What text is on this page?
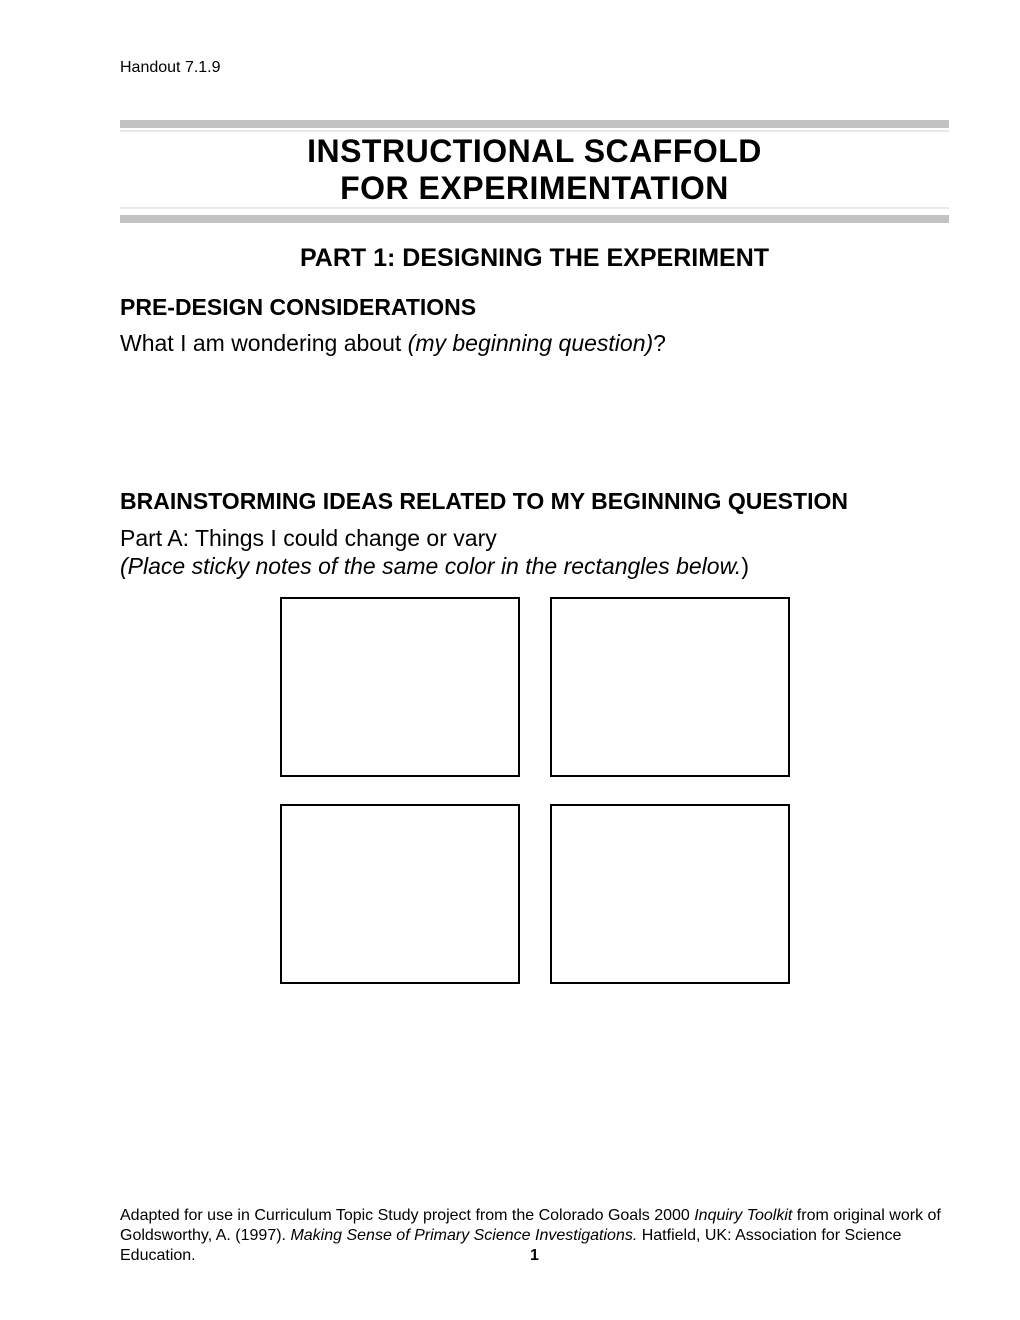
Handout 7.1.9
INSTRUCTIONAL SCAFFOLD
FOR EXPERIMENTATION
PART 1: DESIGNING THE EXPERIMENT
PRE-DESIGN CONSIDERATIONS

What I am wondering about (my beginning question)?

BRAINSTORMING IDEAS RELATED TO MY BEGINNING QUESTION

Part A: Things I could change or vary

(Place sticky notes of the same color in the rectangles below.)

Adapted for use in Curriculum Topic Study project from the Colorado Goals 2000 Inquiry Toolkit from original work of Goldsworthy, A. (1997). Making Sense of Primary Science Investigations. Hatfield, UK: Association for Science Education.	1
